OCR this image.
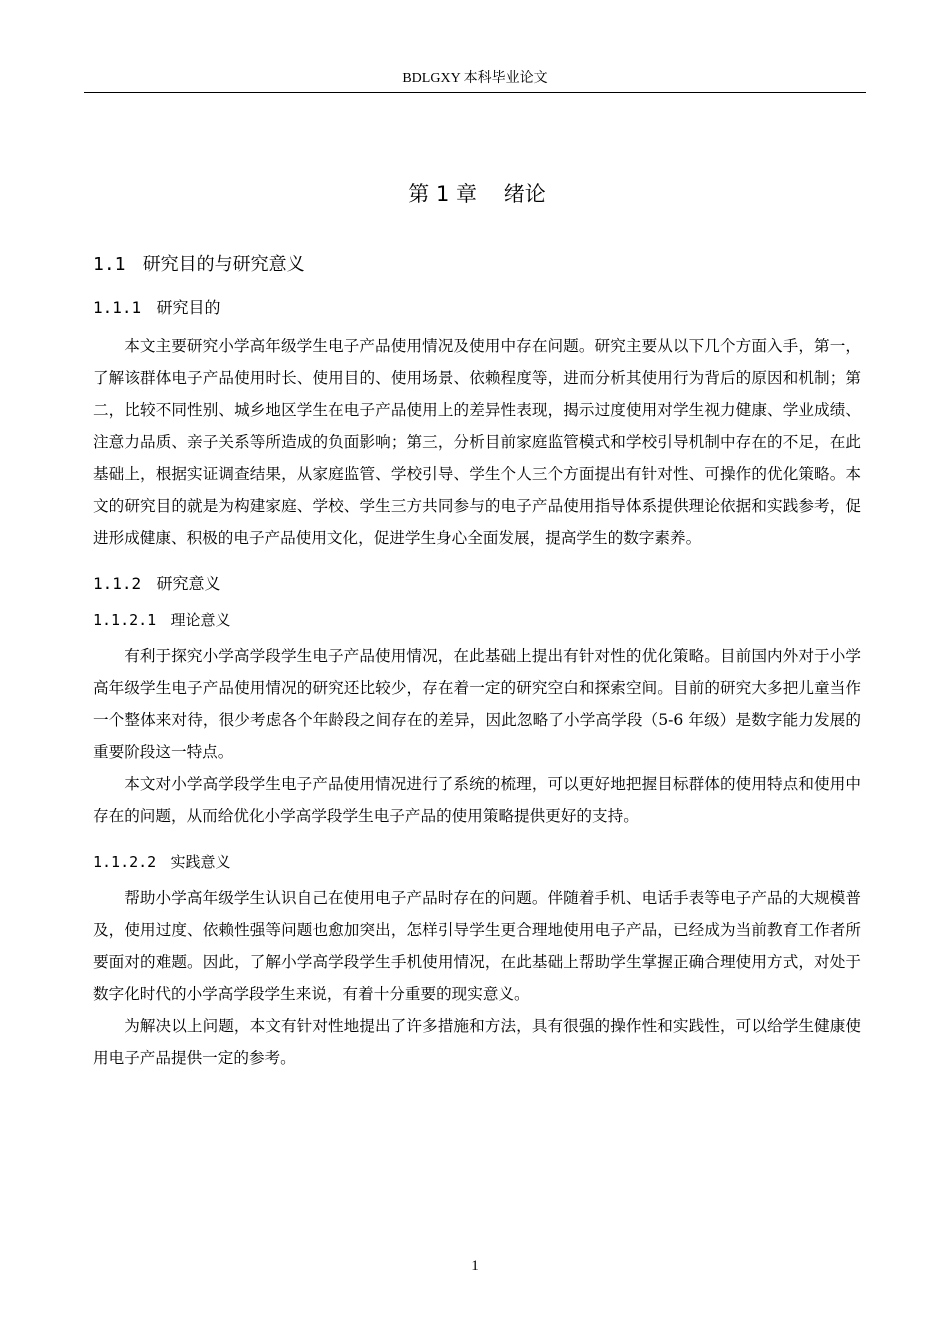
BDLGXY 本科毕业论文
第 1 章    绪论
1.1 研究目的与研究意义
1.1.1 研究目的

本文主要研究小学高年级学生电子产品使用情况及使用中存在问题。研究主要从以下几个方面入手，第一，了解该群体电子产品使用时长、使用目的、使用场景、依赖程度等，进而分析其使用行为背后的原因和机制；第二，比较不同性别、城乡地区学生在电子产品使用上的差异性表现，揭示过度使用对学生视力健康、学业成绩、注意力品质、亲子关系等所造成的负面影响；第三，分析目前家庭监管模式和学校引导机制中存在的不足，在此基础上，根据实证调查结果，从家庭监管、学校引导、学生个人三个方面提出有针对性、可操作的优化策略。本文的研究目的就是为构建家庭、学校、学生三方共同参与的电子产品使用指导体系提供理论依据和实践参考，促进形成健康、积极的电子产品使用文化，促进学生身心全面发展，提高学生的数字素养。

1.1.2 研究意义
1.1.2.1 理论意义

有利于探究小学高学段学生电子产品使用情况，在此基础上提出有针对性的优化策略。目前国内外对于小学高年级学生电子产品使用情况的研究还比较少，存在着一定的研究空白和探索空间。目前的研究大多把儿童当作一个整体来对待，很少考虑各个年龄段之间存在的差异，因此忽略了小学高学段（5-6 年级）是数字能力发展的重要阶段这一特点。

本文对小学高学段学生电子产品使用情况进行了系统的梳理，可以更好地把握目标群体的使用特点和使用中存在的问题，从而给优化小学高学段学生电子产品的使用策略提供更好的支持。

1.1.2.2 实践意义

帮助小学高年级学生认识自己在使用电子产品时存在的问题。伴随着手机、电话手表等电子产品的大规模普及，使用过度、依赖性强等问题也愈加突出，怎样引导学生更合理地使用电子产品，已经成为当前教育工作者所要面对的难题。因此，了解小学高学段学生手机使用情况，在此基础上帮助学生掌握正确合理使用方式，对处于数字化时代的小学高学段学生来说，有着十分重要的现实意义。

为解决以上问题，本文有针对性地提出了许多措施和方法，具有很强的操作性和实践性，可以给学生健康使用电子产品提供一定的参考。

1
